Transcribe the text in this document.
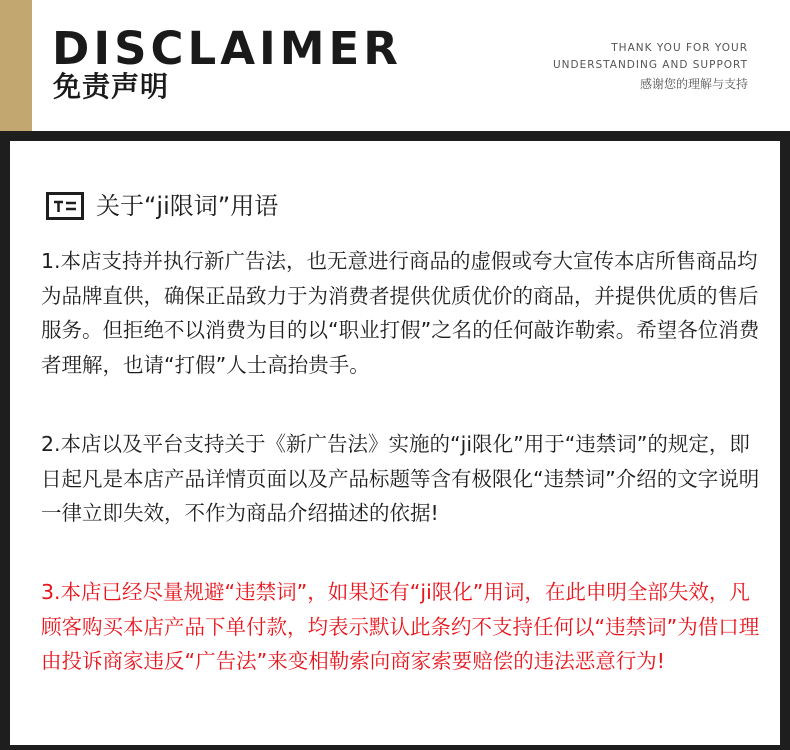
DISCLAIMER
免责声明
THANK YOU FOR YOUR
UNDERSTANDING AND SUPPORT
感谢您的理解与支持
关于“ji限词”用语

1.本店支持并执行新广告法，也无意进行商品的虚假或夸大宣传本店所售商品均为品牌直供，确保正品致力于为消费者提供优质优价的商品，并提供优质的售后服务。但拒绝不以消费为目的以“职业打假”之名的任何敲诈勒索。希望各位消费者理解，也请“打假”人士高抬贵手。

2.本店以及平台支持关于《新广告法》实施的“ji限化”用于“违禁词”的规定，即日起凡是本店产品详情页面以及产品标题等含有极限化“违禁词”介绍的文字说明一律立即失效，不作为商品介绍描述的依据!

3.本店已经尽量规避“违禁词”，如果还有“ji限化”用词，在此申明全部失效，凡顾客购买本店产品下单付款，均表示默认此条约不支持任何以“违禁词”为借口理由投诉商家违反“广告法”来变相勒索向商家索要赔偿的违法恶意行为!
